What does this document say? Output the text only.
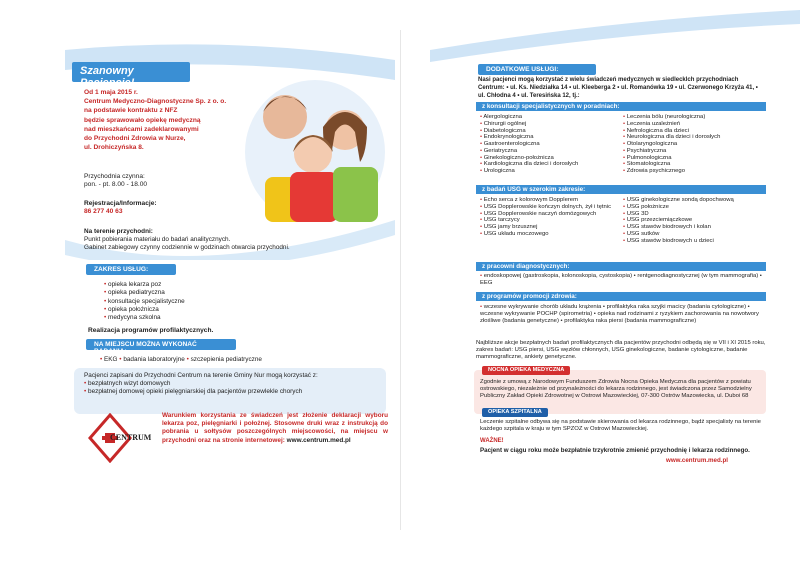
Szanowny Pacjencie!
Od 1 maja 2015 r.
Centrum Medyczno-Diagnostyczne Sp. z o. o.
na podstawie kontraktu z NFZ
będzie sprawowało opiekę medyczną
nad mieszkańcami zadeklarowanymi
do Przychodni Zdrowia w Nurze,
ul. Drohiczyńska 8.
Przychodnia czynna:
pon. - pt. 8.00 - 18.00
Rejestracja/Informacje:
86 277 40 63
Na terenie przychodni:
Punkt pobierania materiału do badań analitycznych.
Gabinet zabiegowy czynny codziennie w godzinach otwarcia przychodni.
ZAKRES USŁUG:
• opieka lekarza poz
• opieka pediatryczna
• konsultacje specjalistyczne
• opieka położnicza
• medycyna szkolna
Realizacja programów profilaktycznych.
NA MIEJSCU MOŻNA WYKONAĆ BADANIA:
• EKG • badania laboratoryjne • szczepienia pediatryczne
Pacjenci zapisani do Przychodni Centrum na terenie Gminy Nur mogą korzystać z:
• bezpłatnych wizyt domowych
• bezpłatnej domowej opieki pielęgniarskiej dla pacjentów przewlekle chorych
CENTRUM
Warunkiem korzystania ze świadczeń jest złożenie deklaracji wyboru lekarza poz, pielęgniarki i położnej. Stosowne druki wraz z instrukcją do pobrania u sołtysów poszczególnych miejscowości, na miejscu w przychodni oraz na stronie internetowej: www.centrum.med.pl
DODATKOWE USŁUGI:
Nasi pacjenci mogą korzystać z wielu świadczeń medycznych w siedlecklch przychodniach Centrum: • ul. Ks. Niedziałka 14 • ul. Kleeberga 2 • ul. Romanówka 19 • ul. Czerwonego Krzyża 41, • ul. Chłodna 4 • ul. Teresińska 12, tj.:
z konsultacji specjalistycznych w poradniach:
• Alergologiczna
• Chirurgii ogólnej
• Diabetologiczna
• Endokrynologiczna
• Gastroenterologiczna
• Geriatryczna
• Ginekologiczno-położnicza
• Kardiologiczna dla dzieci i dorosłych
• Urologiczna
• Leczenia bólu (neurologiczna)
• Leczenia uzależnień
• Nefrologiczna dla dzieci
• Neurologiczna dla dzieci i dorosłych
• Otolaryngologiczna
• Psychiatryczna
• Pulmonologiczna
• Stomatologiczna
• Zdrowia psychicznego
z badań USG w szerokim zakresie:
• Echo serca z kolorowym Dopplerem
• USG Dopplerowskie kończyn dolnych, żył i tętnic
• USG Dopplerowskie naczyń domózgowych
• USG tarczycy
• USG jamy brzusznej
• USG układu moczowego
• USG ginekologiczne sondą dopochwową
• USG położnicze
• USG 3D
• USG przezciemiączkowe
• USG stawów biodrowych i kolan
• USG sutków
• USG stawów biodrowych u dzieci
z pracowni diagnostycznych:
• endoskopowej (gastroskopia, kolonoskopia, cystoskopia) • rentgenodiagnostycznej (w tym mammografia) • EEG
z programów promocji zdrowia:
• wczesne wykrywanie chorób układu krążenia • profilaktyka raka szyjki macicy (badania cytologiczne) • wczesne wykrywanie POCHP (spirometria) • opieka nad rodzinami z ryzykiem zachorowania na nowotwory złośliwe (badania genetyczne) • profilaktyka raka piersi (badania mammograficzne)
Najbliższe akcje bezpłatnych badań profilaktycznych dla pacjentów przychodni odbędą się w VII i XI 2015 roku, zakres badań: USG piersi, USG węzłów chłonnych, USG ginekologiczne, badanie cytologiczne, badanie mammograficzne, ankiety genetyczne.
NOCNA OPIEKA MEDYCZNA
Zgodnie z umową z Narodowym Funduszem Zdrowia Nocna Opieka Medyczna dla pacjentów z powiatu ostrowskiego, niezależnie od przynależności do lekarza rodzinnego, jest świadczona przez Samodzielny Publiczny Zakład Opieki Zdrowotnej w Ostrowi Mazowieckiej, 07-300 Ostrów Mazowiecka, ul. Duboi 68
OPIEKA SZPITALNA
Leczenie szpitalne odbywa się na podstawie skierowania od lekarza rodzinnego, bądź specjalisty na terenie każdego szpitala w kraju w tym SPZOZ w Ostrowi Mazowieckiej.
WAŻNE!
Pacjent w ciągu roku może bezpłatnie trzykrotnie zmienić przychodnię i lekarza rodzinnego.
www.centrum.med.pl
